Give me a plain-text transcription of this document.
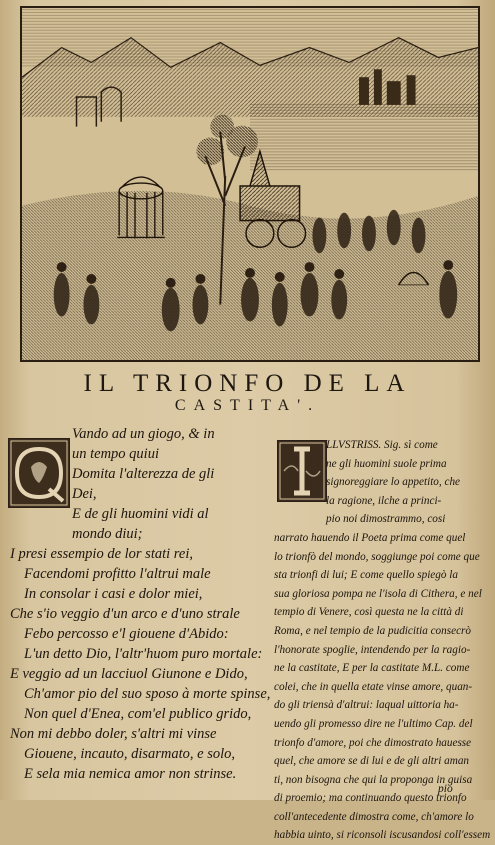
IL TRIONFO DE LA
CASTITA'.
Vando ad un giogo, & in
un tempo quiui
Domita l'alterezza de gli
Dei,
E de gli huomini vidi al
mondo diui;
I presi essempio de lor stati rei,
Facendomi profitto l'altrui male
In consolar i casi e dolor miei,
Che s'io veggio d'un arco e d'uno strale
Febo percosso e'l giouene d'Abido:
L'un detto Dio, l'altr'huom puro mortale:
E veggio ad un lacciuol Giunone e Dido,
Ch'amor pio del suo sposo à morte spinse,
Non quel d'Enea, com'el publico grido,
Non mi debbo doler, s'altri mi vinse
Giouene, incauto, disarmato, e solo,
E sela mia nemica amor non strinse.
LLVSTRISS. Sig. sì come
ne gli huomini suole prima
signoreggiare lo appetito, che
la ragione, ilche a princi-
pio noi dimostrammo, cosi
narrato hauendo il Poeta prima come quel
lo trionfò del mondo, soggiunge poi come que
sta trionfi di lui; E come quello spiegò la
sua gloriosa pompa ne l'isola di Cithera, e nel
tempio di Venere, così questa ne la città di
Roma, e nel tempio de la pudicitia consecrò
l'honorate spoglie, intendendo per la ragio-
ne la castitate, E per la castitate M.L. come
colei, che in quella etate vinse amore, quan-
do gli triensà d'altrui: laqual uittoria ha-
uendo gli promesso dire ne l'ultimo Cap. del
trionfo d'amore, poi che dimostrato hauesse
quel, che amore se di lui e de gli altri aman
ti, non bisogna che qui la proponga in guisa
di proemio; ma continuando questo trionfo
coll'antecedente dimostra come, ch'amore lo
habbia uinto, si riconsoli iscusandosi coll'essem
pio
